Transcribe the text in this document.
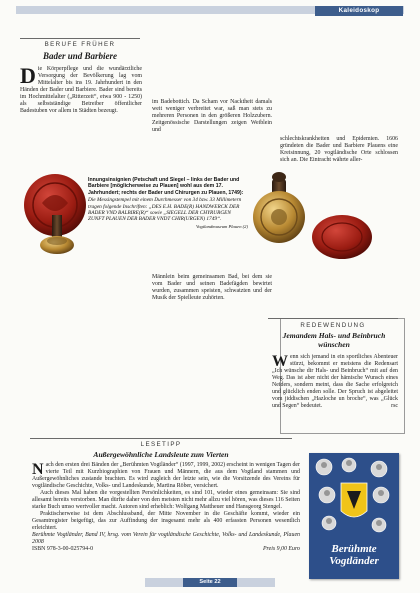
Kaleidoskop
BERUFE FRÜHER
Bader und Barbiere
D ie Körperpflege und die wundärztliche Versorgung der Bevölkerung lag vom Mittelalter bis ins 19. Jahrhundert in den Händen der Bader und Barbiere. Bader sind bereits im Hochmittelalter („Ritterzeit“, etwa 900 - 1250) als selbstständige Betreiber öffentlicher Badestuben vor allem in Städten bezeugt.

im Badebottich. Da Scham vor Nacktheit damals weit weniger verbreitet war, saß man stets zu mehreren Personen in den größeren Holzzubern. Zeitgenössische Darstellungen zeigen Weiblein und

Männlein beim gemeinsamen Bad, bei dem sie vom Bader und seinen Badefägden bewirtet wurden, zusammen speisten, schwatzten und der Musik der Spielleute zuhörten.

schlechtskrankheiten und Epidemien. 1606 gründeten die Bader und Barbiere Plauens eine Kreisinnung, 20 vogtländische Orte schlossen sich an. Die Eintracht währte aller-

Innungsinsignien (Petschaft und Siegel – links der Bader und Barbiere [möglicherweise zu Plauen] wohl aus dem 17. Jahrhundert; rechts der Bader und Chirurgen zu Plauen, 1749):
Die Messingstempel mit einem Durchmesser von 34 bzw. 33 Millimetern tragen folgende Inschriften: „DES E.H. BADE(R) HANDWERCK DER BADER VND BALBIRE(R)“ sowie „SIEGELL DER CHYRURGEN ZUNFT PLAUEN DER BADER VNDT CHIR(URGEN) 1749“.
Vogtlandmuseum Plauen (2)
REDEWENDUNG
Jemandem Hals- und Beinbruch wünschen
W enn sich jemand in ein sportliches Abenteuer stürzt, bekommt er meistens die Redensart „Ich wünsche dir Hals- und Beinbruch“ mit auf den Weg. Das ist aber nicht der hämische Wunsch eines Neiders, sondern meint, dass die Sache erfolgreich und glücklich enden solle. Der Spruch ist abgeleitet vom jiddischen „Hazloche un broche“, was „Glück und Segen“ bedeutet.	rsc

LESETIPP
Außergewöhnliche Landsleute zum Vierten
N ach den ersten drei Bänden der „Berühmten Vogtländer“ (1997, 1999, 2002) erscheint in wenigen Tagen der vierte Teil mit Kurzbiographien von Frauen und Männern, die aus dem Vogtland stammen und Außergewöhnliches zustande brachten. Es wird zugleich der letzte sein, wie die Vorsitzende des Vereins für vogtländische Geschichte, Volks- und Landeskunde, Martina Röber, versichert.

Auch dieses Mal haben die vorgestellten Persönlichkeiten, es sind 101, wieder eines gemeinsam: Sie sind allesamt bereits verstorben. Man dürfte daher von den meisten nicht mehr allzu viel hören, was dieses 116 Seiten starke Buch umso wertvoller macht. Autoren sind erheblich: Wolfgang Mattheuer und Hansgeorg Stengel.

Praktischerweise ist dem Abschlussband, der Mitte November in die Geschäfte kommt, wieder ein Gesamtregister beigefügt, das zur Auffindung der insgesamt mehr als 400 erfassten Personen wesentlich erleichtert.

Berühmte Vogtländer, Band IV, hrsg. vom Verein für vogtländische Geschichte, Volks- und Landeskunde, Plauen 2008

ISBN 978-3-00-025794-0	Preis 9,00 Euro	Berühmte
Vogtländer
Seite 22
